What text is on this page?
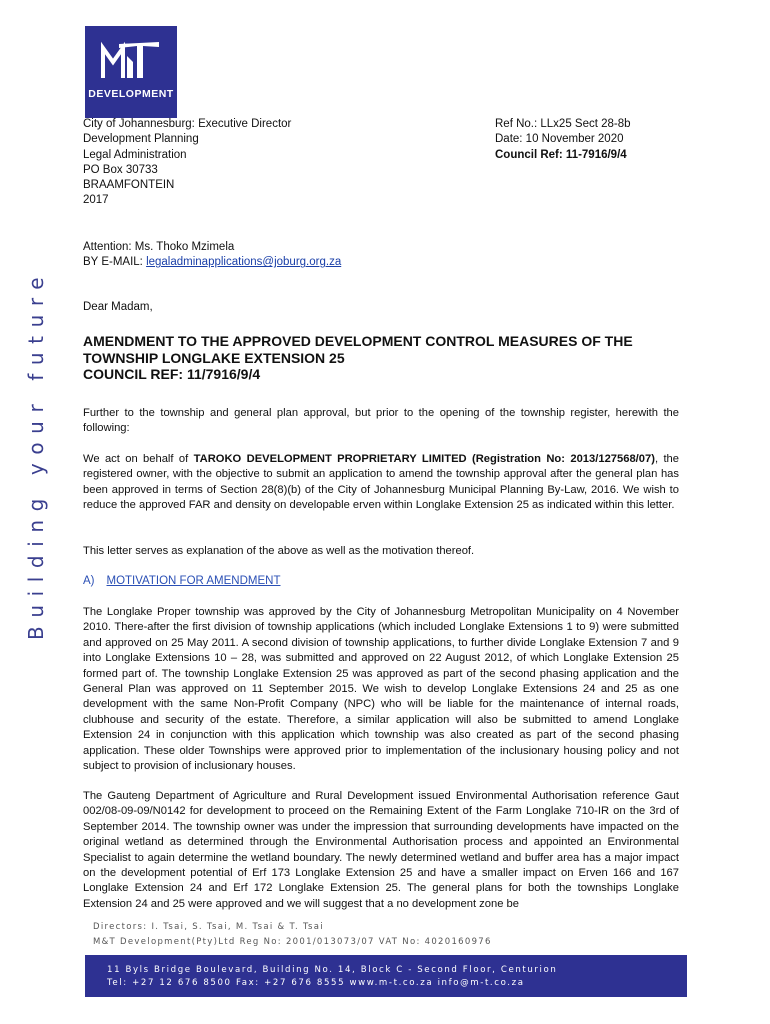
DEVELOPMENT
Building your future
City of Johannesburg: Executive Director
Development Planning
Legal Administration
PO Box 30733
BRAAMFONTEIN
2017
Ref No.: LLx25 Sect 28-8b
Date: 10 November 2020
Council Ref: 11-7916/9/4
Attention: Ms. Thoko Mzimela
BY E-MAIL: legaladminapplications@joburg.org.za
Dear Madam,
AMENDMENT TO THE APPROVED DEVELOPMENT CONTROL MEASURES OF THE
TOWNSHIP LONGLAKE EXTENSION 25
COUNCIL REF: 11/7916/9/4
Further to the township and general plan approval, but prior to the opening of the township register, herewith the following:
We act on behalf of TAROKO DEVELOPMENT PROPRIETARY LIMITED (Registration No: 2013/127568/07), the registered owner, with the objective to submit an application to amend the township approval after the general plan has been approved in terms of Section 28(8)(b) of the City of Johannesburg Municipal Planning By-Law, 2016. We wish to reduce the approved FAR and density on developable erven within Longlake Extension 25 as indicated within this letter.
This letter serves as explanation of the above as well as the motivation thereof.
A) MOTIVATION FOR AMENDMENT
The Longlake Proper township was approved by the City of Johannesburg Metropolitan Municipality on 4 November 2010. There-after the first division of township applications (which included Longlake Extensions 1 to 9) were submitted and approved on 25 May 2011. A second division of township applications, to further divide Longlake Extension 7 and 9 into Longlake Extensions 10 – 28, was submitted and approved on 22 August 2012, of which Longlake Extension 25 formed part of. The township Longlake Extension 25 was approved as part of the second phasing application and the General Plan was approved on 11 September 2015. We wish to develop Longlake Extensions 24 and 25 as one development with the same Non-Profit Company (NPC) who will be liable for the maintenance of internal roads, clubhouse and security of the estate. Therefore, a similar application will also be submitted to amend Longlake Extension 24 in conjunction with this application which township was also created as part of the second phasing application. These older Townships were approved prior to implementation of the inclusionary housing policy and not subject to provision of inclusionary houses.
The Gauteng Department of Agriculture and Rural Development issued Environmental Authorisation reference Gaut 002/08-09-09/N0142 for development to proceed on the Remaining Extent of the Farm Longlake 710-IR on the 3rd of September 2014. The township owner was under the impression that surrounding developments have impacted on the original wetland as determined through the Environmental Authorisation process and appointed an Environmental Specialist to again determine the wetland boundary. The newly determined wetland and buffer area has a major impact on the development potential of Erf 173 Longlake Extension 25 and have a smaller impact on Erven 166 and 167 Longlake Extension 24 and Erf 172 Longlake Extension 25. The general plans for both the townships Longlake Extension 24 and 25 were approved and we will suggest that a no development zone be
Directors: I. Tsai, S. Tsai, M. Tsai & T. Tsai
M&T Development(Pty)Ltd Reg No: 2001/013073/07 VAT No: 4020160976
11 Byls Bridge Boulevard, Building No. 14, Block C - Second Floor, Centurion
Tel: +27 12 676 8500 Fax: +27 676 8555 www.m-t.co.za info@m-t.co.za
